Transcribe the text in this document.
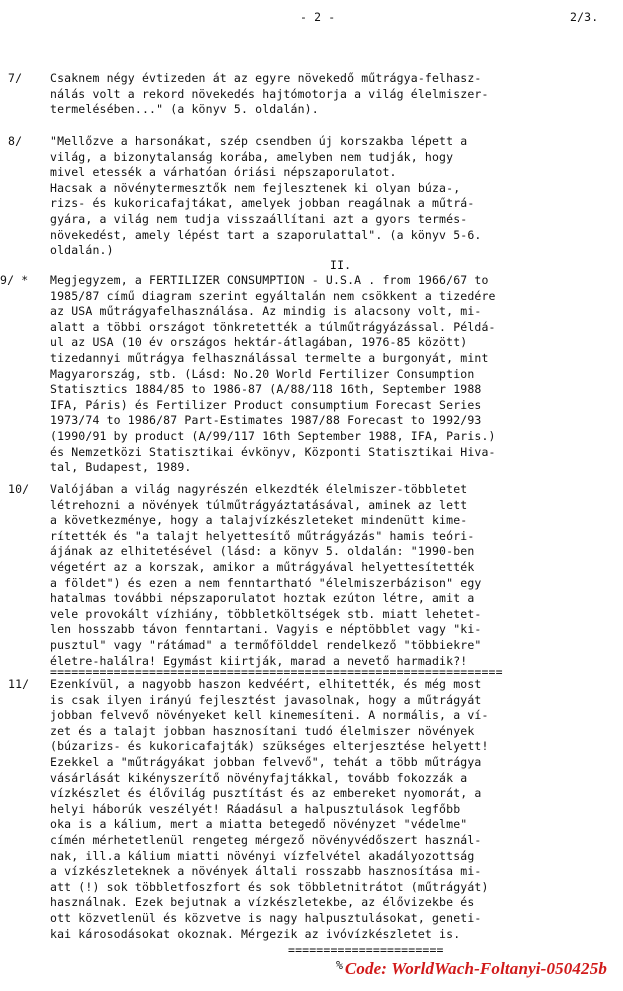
- 2 -	2/3.
7/ Csaknem négy évtizeden át az egyre növekedő műtrágya-felhasz-
nálás volt a rekord növekedés hajtómotorja a világ élelmiszer-
termelésében..." (a könyv 5. oldalán).
8/ "Mellőzve a harsonákat, szép csendben új korszakba lépett a
világ, a bizonytalanság korába, amelyben nem tudják, hogy
mivel etessék a várhatóan óriási népszaporulatot.
Hacsak a növénytermesztők nem fejlesztenek ki olyan búza-,
rizs- és kukoricafajtákat, amelyek jobban reagálnak a műtrá-
gyára, a világ nem tudja visszaállítani azt a gyors termés-
növekedést, amely lépést tart a szaporulattal". (a könyv 5-6.
oldalán.)
II.
9/ * Megjegyzem, a FERTILIZER CONSUMPTION - U.S.A . from 1966/67 to
1985/87 című diagram szerint egyáltalán nem csökkent a tizedére
az USA műtrágyafelhasználása. Az mindig is alacsony volt, mi-
alatt a többi országot tönkretették a túlműtrágyázással. Példá-
ul az USA (10 év országos hektár-átlagában, 1976-85 között)
tizedannyi műtrágya felhasználással termelte a burgonyát, mint
Magyarország, stb. (Lásd: No.20 World Fertilizer Consumption
Statisztics 1884/85 to 1986-87 (A/88/118 16th, September 1988
IFA, Páris) és Fertilizer Product consumptium Forecast Series
1973/74 to 1986/87 Part-Estimates 1987/88 Forecast to 1992/93
(1990/91 by product (A/99/117 16th September 1988, IFA, Paris.)
és Nemzetközi Statisztikai évkönyv, Központi Statisztikai Hiva-
tal, Budapest, 1989.
10/ Valójában a világ nagyrészén elkezdték élelmiszer-többletet
létrehozni a növények túlműtrágyáztatásával, aminek az lett
a következménye, hogy a talajvízkészleteket mindenütt kime-
rítették és "a talajt helyettesítő műtrágyázás" hamis teóri-
ájának az elhitetésével (lásd: a könyv 5. oldalán: "1990-ben
végetért az a korszak, amikor a műtrágyával helyettesítették
a földet") és ezen a nem fenntartható "élelmiszerbázison" egy
hatalmas további népszaporulatot hoztak ezúton létre, amit a
vele provokált vízhiány, többletköltségek stb. miatt lehetet-
len hosszabb távon fenntartani. Vagyis e néptöbblet vagy "ki-
pusztul" vagy "rátámad" a termőfölddel rendelkező "többiekre"
életre-halálra! Egymást kiirtják, marad a nevető harmadik?!
================================================================
11/ Ezenkívül, a nagyobb haszon kedvéért, elhitették, és még most
is csak ilyen irányú fejlesztést javasolnak, hogy a műtrágyát
jobban felvevő növényeket kell kinemesíteni. A normális, a ví-
zet és a talajt jobban hasznosítani tudó élelmiszer növények
(búzarizs- és kukoricafajták) szükséges elterjesztése helyett!
Ezekkel a "műtrágyákat jobban felvevő", tehát a több műtrágya
vásárlását kikényszerítő növényfajtákkal, tovább fokozzák a
vízkészlet és élővilág pusztítást és az embereket nyomorát, a
helyi háborúk veszélyét! Ráadásul a halpusztulások legfőbb
oka is a kálium, mert a miatta betegedő növényzet "védelme"
címén mérhetetlenül rengeteg mérgező növényvédőszert használ-
nak, ill.a kálium miatti növényi vízfelvétel akadályozottság
a vízkészleteknek a növények általi rosszabb hasznosítása mi-
att (!) sok többletfoszfort és sok többletnitrátot (műtrágyát)
használnak. Ezek bejutnak a vízkészletekbe, az élővizekbe és
ott közvetlenül és közvetve is nagy halpusztulásokat, geneti-
kai károsodásokat okoznak. Mérgezik az ivóvízkészletet is.
======================
% Code: WorldWach-Foltanyi-050425b
